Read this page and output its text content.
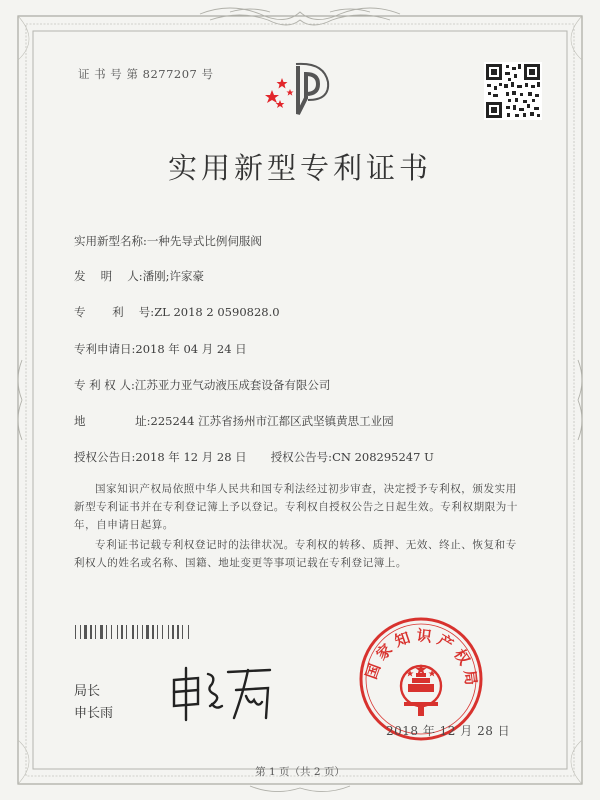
证 书 号 第 8277207 号
实用新型专利证书
实用新型名称:一种先导式比例伺服阀
发　 明　 人:潘刚;许家豪
专　　 利　 号:ZL 2018 2 0590828.0
专利申请日:2018 年 04 月 24 日
专 利 权 人:江苏亚力亚气动液压成套设备有限公司
地　　　　 址:225244 江苏省扬州市江都区武坚镇黄思工业园
授权公告日:2018 年 12 月 28 日 授权公告号:CN 208295247 U
国家知识产权局依照中华人民共和国专利法经过初步审查，决定授予专利权，颁发实用新型专利证书并在专利登记簿上予以登记。专利权自授权公告之日起生效。专利权期限为十年，自申请日起算。
专利证书记载专利权登记时的法律状况。专利权的转移、质押、无效、终止、恢复和专利权人的姓名或名称、国籍、地址变更等事项记载在专利登记簿上。
局长
申长雨
国家知识产权局
2018 年 12 月 28 日
第 1 页（共 2 页）
